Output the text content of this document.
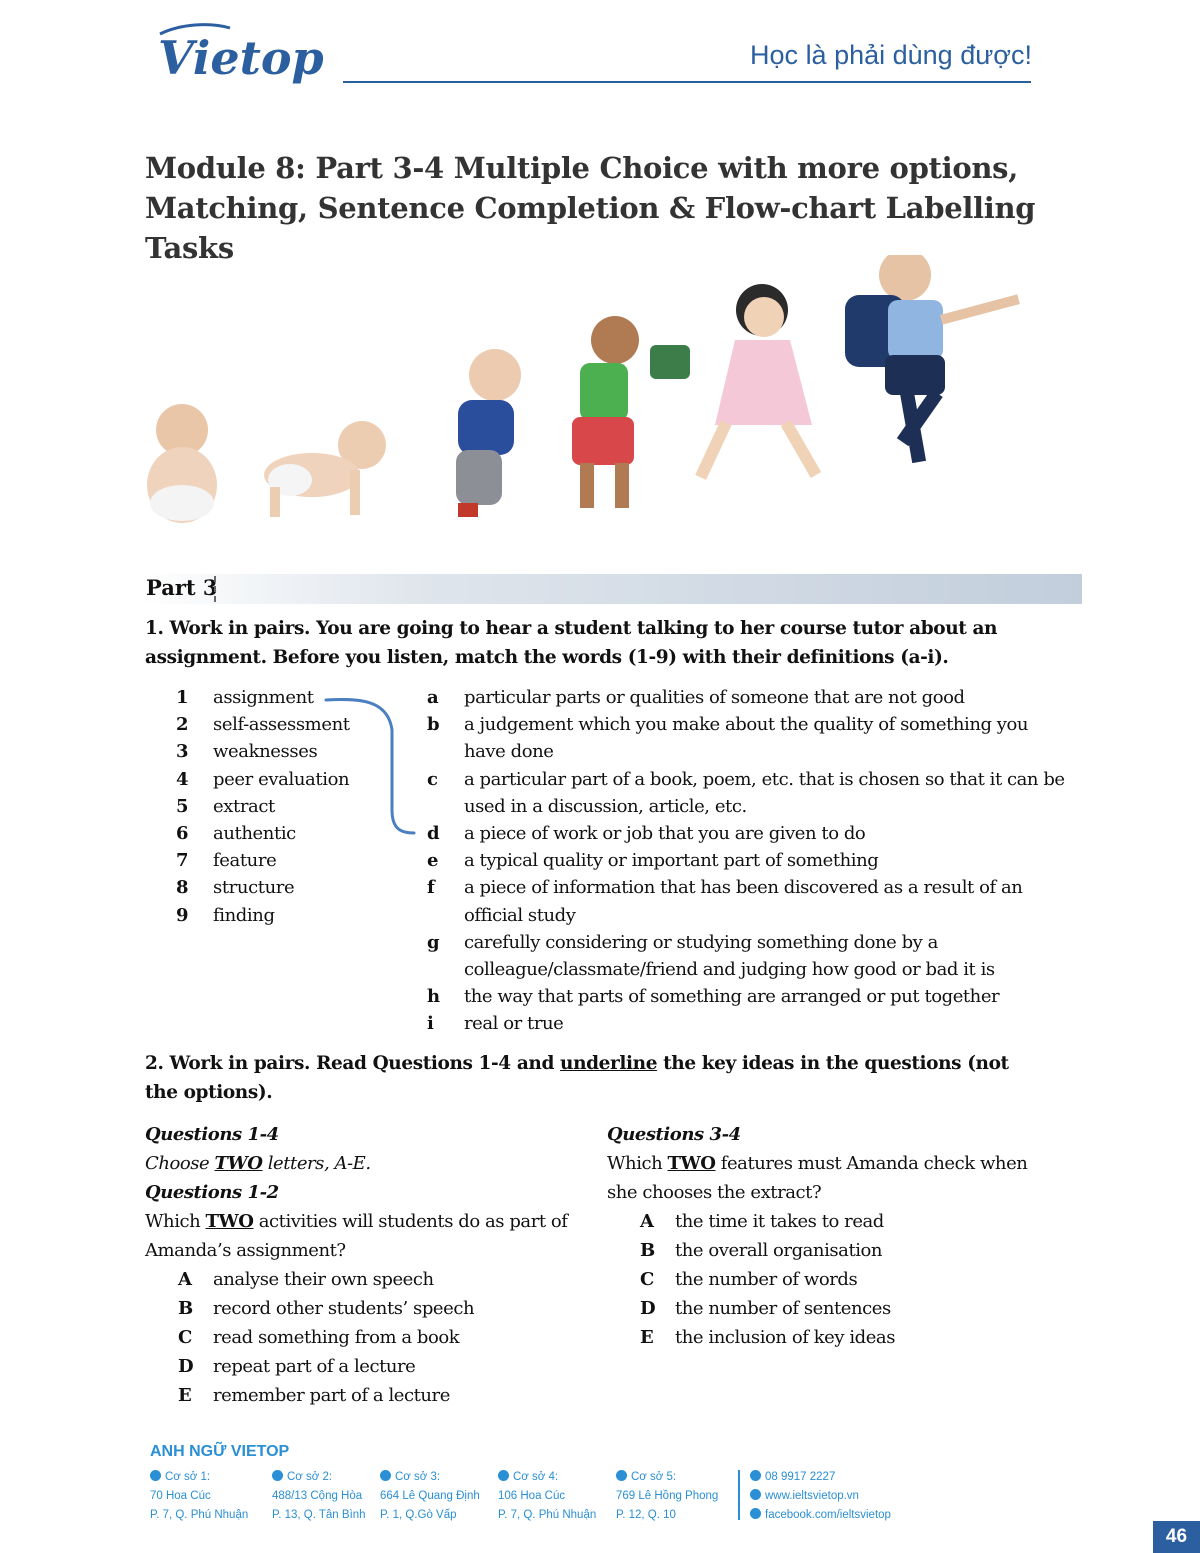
Vietop	Học là phải dùng được!
Module 8: Part 3-4 Multiple Choice with more options, Matching, Sentence Completion & Flow-chart Labelling Tasks
Part 3
1. Work in pairs. You are going to hear a student talking to her course tutor about an assignment. Before you listen, match the words (1-9) with their definitions (a-i).
1	assignment
2	self-assessment
3	weaknesses
4	peer evaluation
5	extract
6	authentic
7	feature
8	structure
9	finding
a	particular parts or qualities of someone that are not good
b	a judgement which you make about the quality of something you have done
c	a particular part of a book, poem, etc. that is chosen so that it can be used in a discussion, article, etc.
d	a piece of work or job that you are given to do
e	a typical quality or important part of something
f	a piece of information that has been discovered as a result of an official study
g	carefully considering or studying something done by a colleague/classmate/friend and judging how good or bad it is
h	the way that parts of something are arranged or put together
i	real or true
2. Work in pairs. Read Questions 1-4 and underline the key ideas in the questions (not the options).
Questions 1-4
Choose TWO letters, A-E.
Questions 1-2
Which TWO activities will students do as part of
Amanda’s assignment?
A	analyse their own speech
B	record other students’ speech
C	read something from a book
D	repeat part of a lecture
E	remember part of a lecture
Questions 3-4
Which TWO features must Amanda check when
she chooses the extract?
A	the time it takes to read
B	the overall organisation
C	the number of words
D	the number of sentences
E	the inclusion of key ideas
ANH NGỮ VIETOP
Cơ sở 1:
70 Hoa Cúc
P. 7, Q. Phú Nhuận
Cơ sở 2:
488/13 Cộng Hòa
P. 13, Q. Tân Bình
Cơ sở 3:
664 Lê Quang Định
P. 1, Q.Gò Vấp
Cơ sở 4:
106 Hoa Cúc
P. 7, Q. Phú Nhuận
Cơ sở 5:
769 Lê Hồng Phong
P. 12, Q. 10
08 9917 2227
www.ieltsvietop.vn
facebook.com/ieltsvietop
46
